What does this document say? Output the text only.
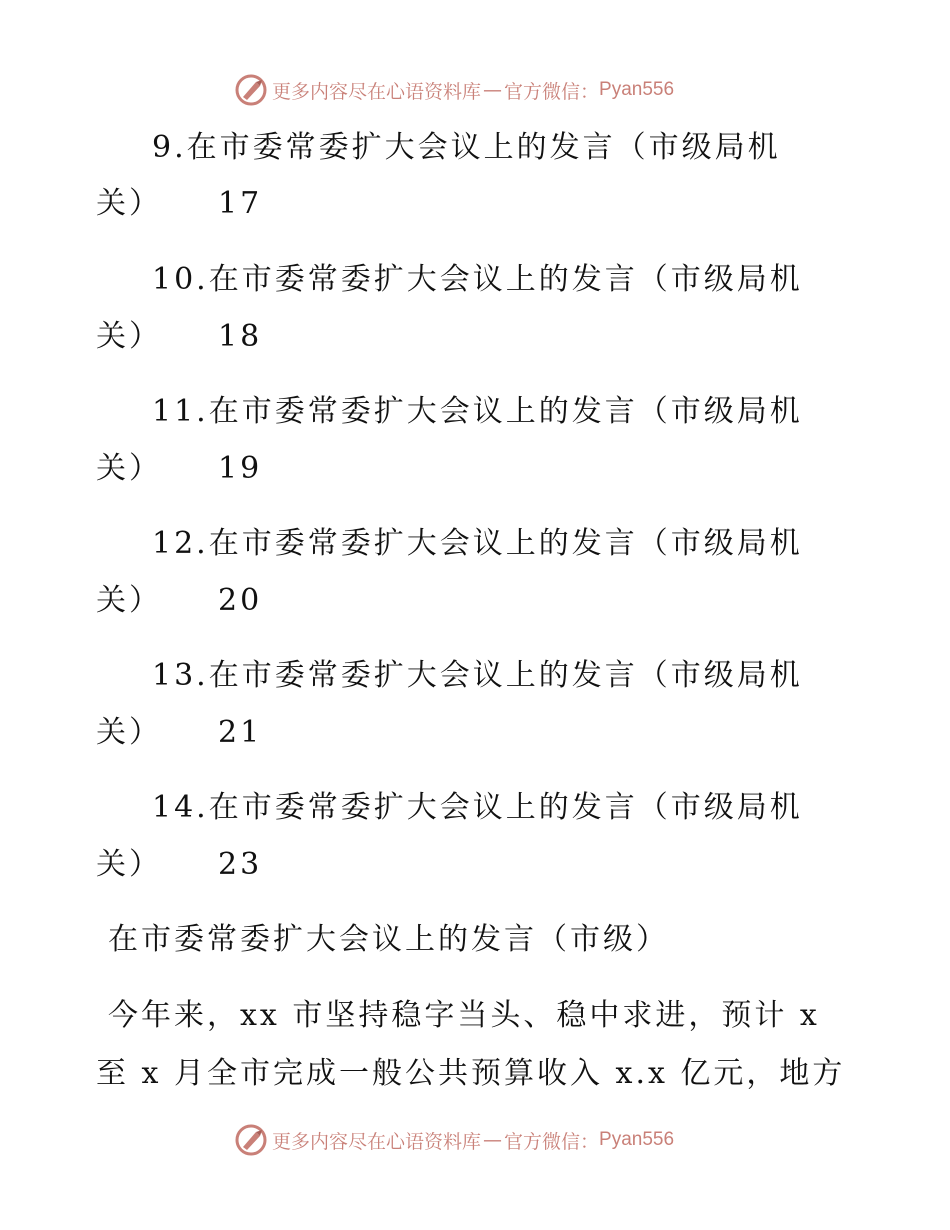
更多内容尽在心语资料库 — 官方微信： Pyan556
9.在市委常委扩大会议上的发言（市级局机
关） 17
10.在市委常委扩大会议上的发言（市级局机
关） 18
11.在市委常委扩大会议上的发言（市级局机
关） 19
12.在市委常委扩大会议上的发言（市级局机
关） 20
13.在市委常委扩大会议上的发言（市级局机
关） 21
14.在市委常委扩大会议上的发言（市级局机
关） 23
在市委常委扩大会议上的发言（市级）
今年来，xx 市坚持稳字当头、稳中求进，预计 x
至 x 月全市完成一般公共预算收入 x.x 亿元，地方
更多内容尽在心语资料库 — 官方微信： Pyan556
